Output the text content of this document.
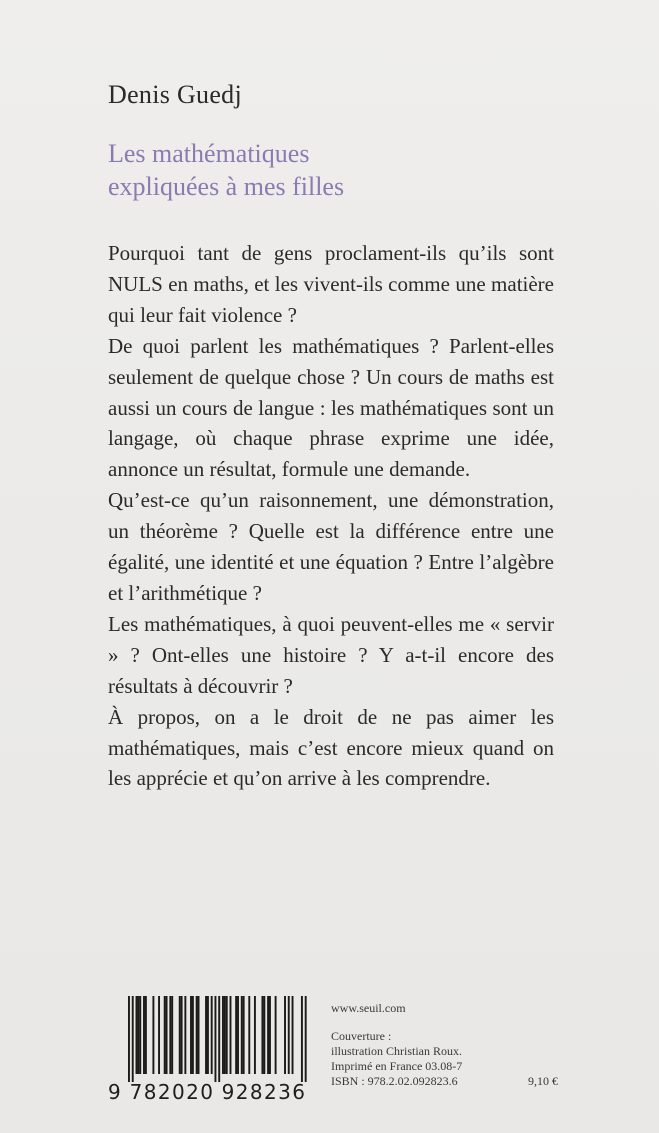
Denis Guedj
Les mathématiques
expliquées à mes filles

Pourquoi tant de gens proclament-ils qu’ils sont NULS en maths, et les vivent-ils comme une matière qui leur fait violence ?

De quoi parlent les mathématiques ? Parlent-elles seulement de quelque chose ? Un cours de maths est aussi un cours de langue : les mathématiques sont un langage, où chaque phrase exprime une idée, annonce un résultat, formule une demande.

Qu’est-ce qu’un raisonnement, une démonstration, un théorème ? Quelle est la différence entre une égalité, une identité et une équation ? Entre l’algèbre et l’arithmétique ?

Les mathématiques, à quoi peuvent-elles me « servir » ? Ont-elles une histoire ? Y a-t-il encore des résultats à découvrir ?

À propos, on a le droit de ne pas aimer les mathématiques, mais c’est encore mieux quand on les apprécie et qu’on arrive à les comprendre.

9 782020 928236
www.seuil.com
Couverture :
illustration Christian Roux.
Imprimé en France 03.08-7
ISBN : 978.2.02.092823.6	9,10 €
